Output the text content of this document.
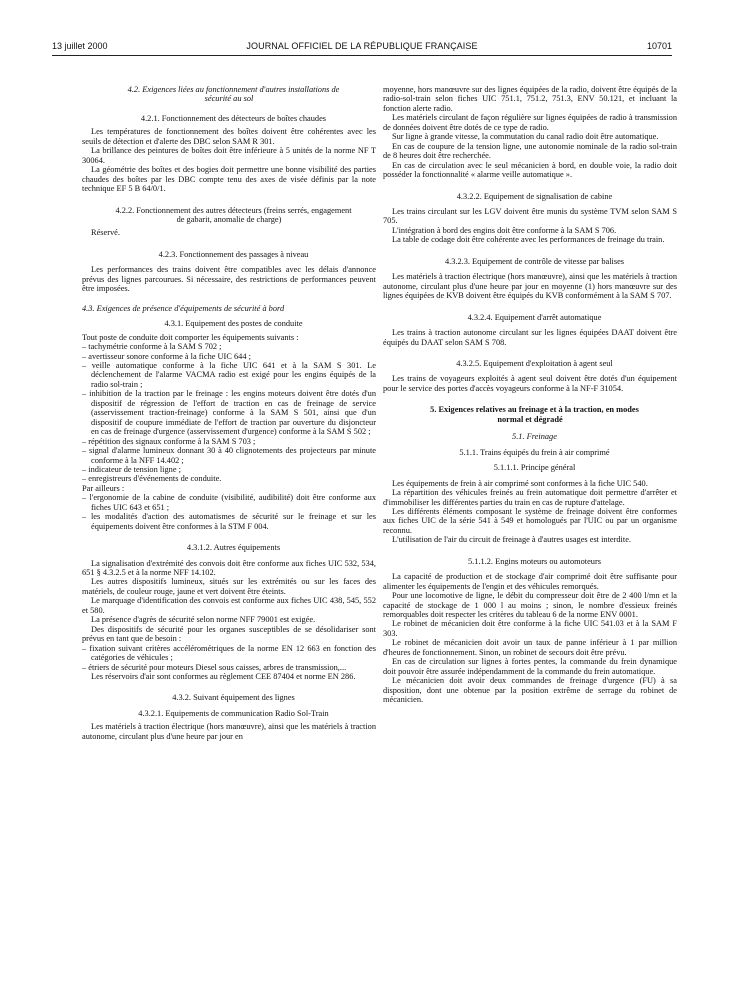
13 juillet 2000	JOURNAL OFFICIEL DE LA RÉPUBLIQUE FRANÇAISE	10701

4.2. Exigences liées au fonctionnement d'autres installations de sécurité au sol

4.2.1. Fonctionnement des détecteurs de boîtes chaudes

Les températures de fonctionnement des boîtes doivent être cohérentes avec les seuils de détection et d'alerte des DBC selon SAM R 301.

La brillance des peintures de boîtes doit être inférieure à 5 unités de la norme NF T 30064.

La géométrie des boîtes et des bogies doit permettre une bonne visibilité des parties chaudes des boîtes par les DBC compte tenu des axes de visée définis par la note technique EF 5 B 64/0/1.

4.2.2. Fonctionnement des autres détecteurs (freins serrés, engagement de gabarit, anomalie de charge)

Réservé.

4.2.3. Fonctionnement des passages à niveau

Les performances des trains doivent être compatibles avec les délais d'annonce prévus des lignes parcourues. Si nécessaire, des restrictions de performances peuvent être imposées.

4.3. Exigences de présence d'équipements de sécurité à bord

4.3.1. Equipement des postes de conduite

Tout poste de conduite doit comporter les équipements suivants :

– tachymétrie conforme à la SAM S 702 ;
– avertisseur sonore conforme à la fiche UIC 644 ;
– veille automatique conforme à la fiche UIC 641 et à la SAM S 301. Le déclenchement de l'alarme VACMA radio est exigé pour les engins équipés de la radio sol-train ;
– inhibition de la traction par le freinage : les engins moteurs doivent être dotés d'un dispositif de régression de l'effort de traction en cas de freinage de service (asservissement traction-freinage) conforme à la SAM S 501, ainsi que d'un dispositif de coupure immédiate de l'effort de traction par ouverture du disjoncteur en cas de freinage d'urgence (asservissement d'urgence) conforme à la SAM S 502 ;
– répétition des signaux conforme à la SAM S 703 ;
– signal d'alarme lumineux donnant 30 à 40 clignotements des projecteurs par minute conforme à la NFF 14.402 ;
– indicateur de tension ligne ;
– enregistreurs d'événements de conduite.

Par ailleurs :

– l'ergonomie de la cabine de conduite (visibilité, audibilité) doit être conforme aux fiches UIC 643 et 651 ;
– les modalités d'action des automatismes de sécurité sur le freinage et sur les équipements doivent être conformes à la STM F 004.

4.3.1.2. Autres équipements

La signalisation d'extrémité des convois doit être conforme aux fiches UIC 532, 534, 651 § 4.3.2.5 et à la norme NFF 14.102.

Les autres dispositifs lumineux, situés sur les extrémités ou sur les faces des matériels, de couleur rouge, jaune et vert doivent être éteints.

Le marquage d'identification des convois est conforme aux fiches UIC 438, 545, 552 et 580.

La présence d'agrès de sécurité selon norme NFF 79001 est exigée.

Des dispositifs de sécurité pour les organes susceptibles de se désolidariser sont prévus en tant que de besoin :

– fixation suivant critères accélérométriques de la norme EN 12 663 en fonction des catégories de véhicules ;
– étriers de sécurité pour moteurs Diesel sous caisses, arbres de transmission,...

Les réservoirs d'air sont conformes au règlement CEE 87404 et norme EN 286.

4.3.2. Suivant équipement des lignes

4.3.2.1. Equipements de communication Radio Sol-Train

Les matériels à traction électrique (hors manœuvre), ainsi que les matériels à traction autonome, circulant plus d'une heure par jour en

moyenne, hors manœuvre sur des lignes équipées de la radio, doivent être équipés de la radio-sol-train selon fiches UIC 751.1, 751.2, 751.3, ENV 50.121, et incluant la fonction alerte radio.

Les matériels circulant de façon régulière sur lignes équipées de radio à transmission de données doivent être dotés de ce type de radio.

Sur ligne à grande vitesse, la commutation du canal radio doit être automatique.

En cas de coupure de la tension ligne, une autonomie nominale de la radio sol-train de 8 heures doit être recherchée.

En cas de circulation avec le seul mécanicien à bord, en double voie, la radio doit posséder la fonctionnalité « alarme veille automatique ».

4.3.2.2. Equipement de signalisation de cabine

Les trains circulant sur les LGV doivent être munis du système TVM selon SAM S 705.

L'intégration à bord des engins doit être conforme à la SAM S 706.

La table de codage doit être cohérente avec les performances de freinage du train.

4.3.2.3. Equipement de contrôle de vitesse par balises

Les matériels à traction électrique (hors manœuvre), ainsi que les matériels à traction autonome, circulant plus d'une heure par jour en moyenne (1) hors manœuvre sur des lignes équipées de KVB doivent être équipés du KVB conformément à la SAM S 707.

4.3.2.4. Equipement d'arrêt automatique

Les trains à traction autonome circulant sur les lignes équipées DAAT doivent être équipés du DAAT selon SAM S 708.

4.3.2.5. Equipement d'exploitation à agent seul

Les trains de voyageurs exploités à agent seul doivent être dotés d'un équipement pour le service des portes d'accès voyageurs conforme à la NF-F 31054.

5. Exigences relatives au freinage et à la traction, en modes normal et dégradé

5.1. Freinage

5.1.1. Trains équipés du frein à air comprimé

5.1.1.1. Principe général

Les équipements de frein à air comprimé sont conformes à la fiche UIC 540.

La répartition des véhicules freinés au frein automatique doit permettre d'arrêter et d'immobiliser les différentes parties du train en cas de rupture d'attelage.

Les différents éléments composant le système de freinage doivent être conformes aux fiches UIC de la série 541 à 549 et homologués par l'UIC ou par un organisme reconnu.

L'utilisation de l'air du circuit de freinage à d'autres usages est interdite.

5.1.1.2. Engins moteurs ou automoteurs

La capacité de production et de stockage d'air comprimé doit être suffisante pour alimenter les équipements de l'engin et des véhicules remorqués.

Pour une locomotive de ligne, le débit du compresseur doit être de 2 400 l/mn et la capacité de stockage de 1 000 l au moins ; sinon, le nombre d'essieux freinés remorquables doit respecter les critères du tableau 6 de la norme ENV 0001.

Le robinet de mécanicien doit être conforme à la fiche UIC 541.03 et à la SAM F 303.

Le robinet de mécanicien doit avoir un taux de panne inférieur à 1 par million d'heures de fonctionnement. Sinon, un robinet de secours doit être prévu.

En cas de circulation sur lignes à fortes pentes, la commande du frein dynamique doit pouvoir être assurée indépendamment de la commande du frein automatique.

Le mécanicien doit avoir deux commandes de freinage d'urgence (FU) à sa disposition, dont une obtenue par la position extrême de serrage du robinet de mécanicien.
